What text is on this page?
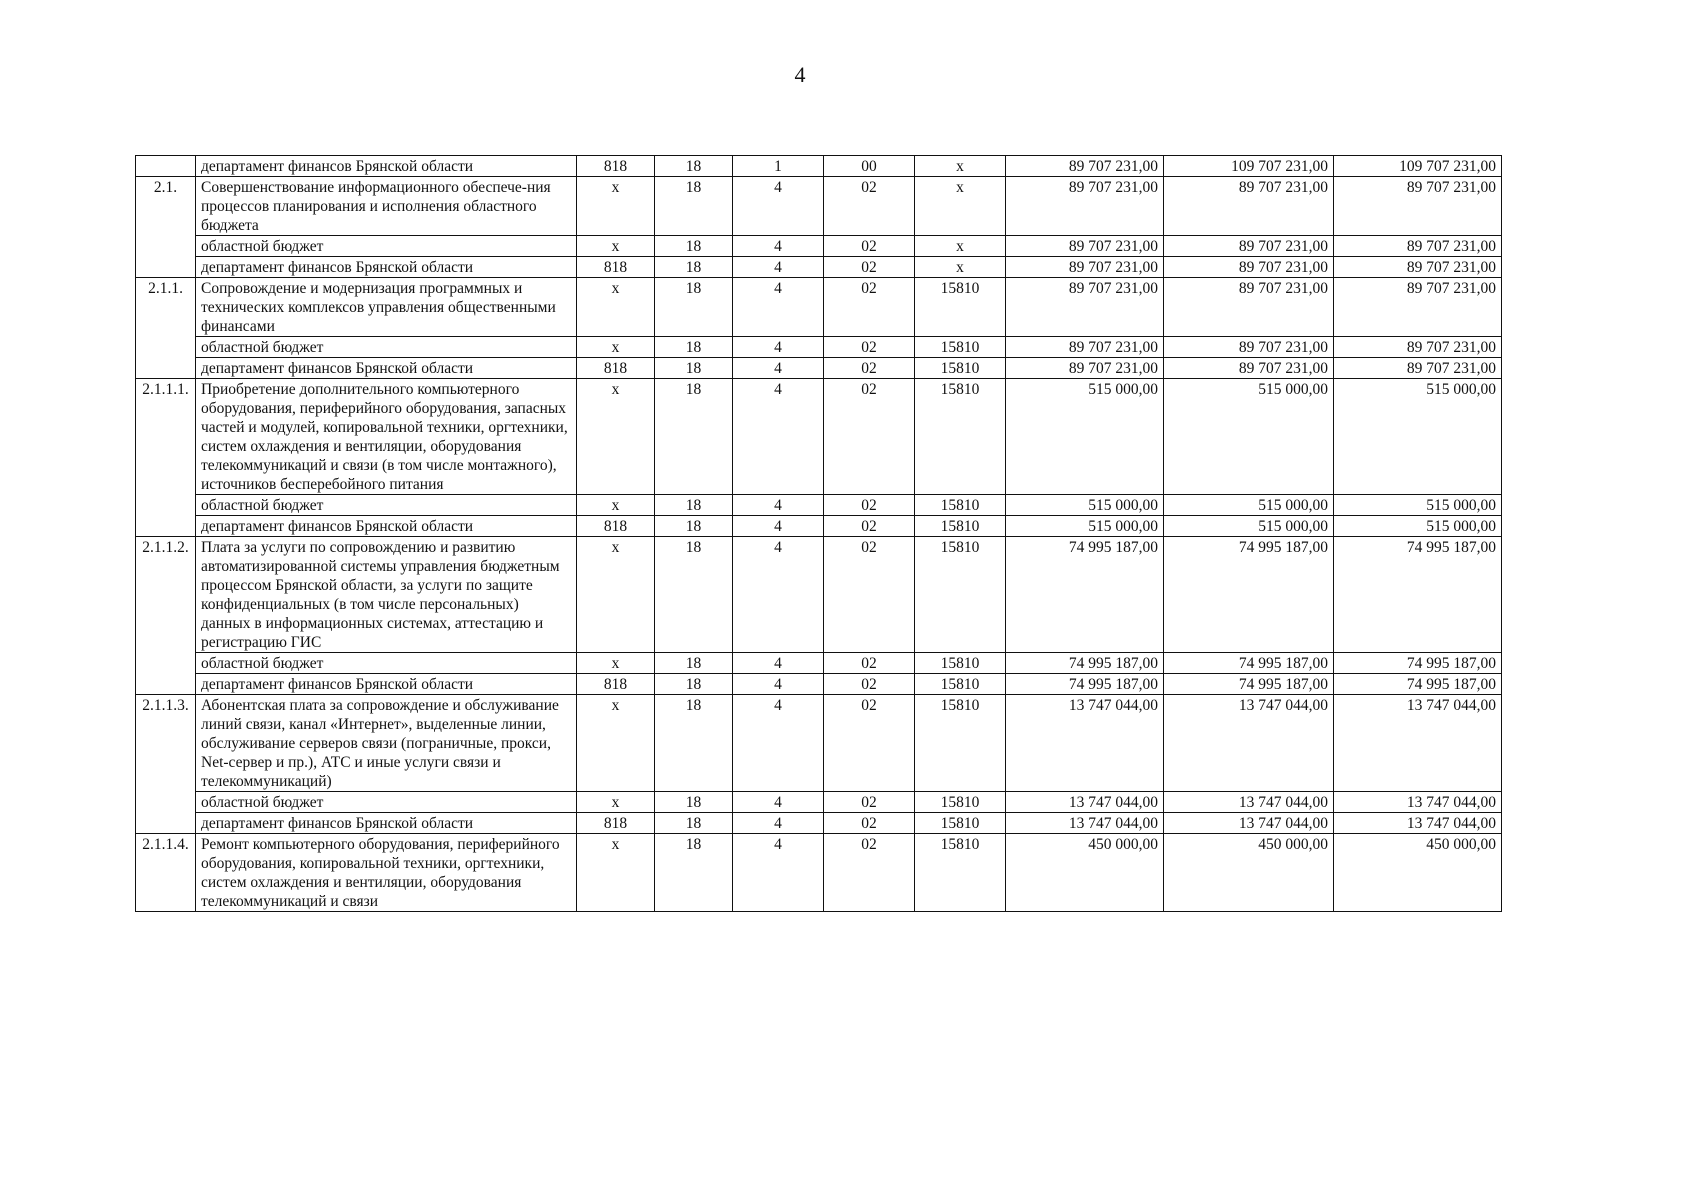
4
	департамент финансов Брянской области	818	18	1	00	х	89 707 231,00	109 707 231,00	109 707 231,00
2.1.	Совершенствование информационного обеспече-ния процессов планирования и исполнения областного бюджета	х	18	4	02	х	89 707 231,00	89 707 231,00	89 707 231,00
	областной бюджет	х	18	4	02	х	89 707 231,00	89 707 231,00	89 707 231,00
	департамент финансов Брянской области	818	18	4	02	х	89 707 231,00	89 707 231,00	89 707 231,00
2.1.1.	Сопровождение и модернизация программных и технических комплексов управления общественными финансами	х	18	4	02	15810	89 707 231,00	89 707 231,00	89 707 231,00
	областной бюджет	х	18	4	02	15810	89 707 231,00	89 707 231,00	89 707 231,00
	департамент финансов Брянской области	818	18	4	02	15810	89 707 231,00	89 707 231,00	89 707 231,00
2.1.1.1.	Приобретение дополнительного компьютерного оборудования, периферийного оборудования, запасных частей и модулей, копировальной техники, оргтехники, систем охлаждения и вентиляции, оборудования телекоммуникаций и связи (в том числе монтажного), источников бесперебойного питания	х	18	4	02	15810	515 000,00	515 000,00	515 000,00
	областной бюджет	х	18	4	02	15810	515 000,00	515 000,00	515 000,00
	департамент финансов Брянской области	818	18	4	02	15810	515 000,00	515 000,00	515 000,00
2.1.1.2.	Плата за услуги по сопровождению и развитию автоматизированной системы управления бюджетным процессом Брянской области, за услуги по защите конфиденциальных (в том числе персональных) данных в информационных системах, аттестацию и регистрацию ГИС	х	18	4	02	15810	74 995 187,00	74 995 187,00	74 995 187,00
	областной бюджет	х	18	4	02	15810	74 995 187,00	74 995 187,00	74 995 187,00
	департамент финансов Брянской области	818	18	4	02	15810	74 995 187,00	74 995 187,00	74 995 187,00
2.1.1.3.	Абонентская плата за сопровождение и обслуживание линий связи, канал «Интернет», выделенные линии, обслуживание серверов связи (пограничные, прокси, Net-сервер и пр.), АТС и иные услуги связи и телекоммуникаций)	х	18	4	02	15810	13 747 044,00	13 747 044,00	13 747 044,00
	областной бюджет	х	18	4	02	15810	13 747 044,00	13 747 044,00	13 747 044,00
	департамент финансов Брянской области	818	18	4	02	15810	13 747 044,00	13 747 044,00	13 747 044,00
2.1.1.4.	Ремонт компьютерного оборудования, периферийного оборудования, копировальной техники, оргтехники, систем охлаждения и вентиляции, оборудования телекоммуникаций и связи	х	18	4	02	15810	450 000,00	450 000,00	450 000,00
